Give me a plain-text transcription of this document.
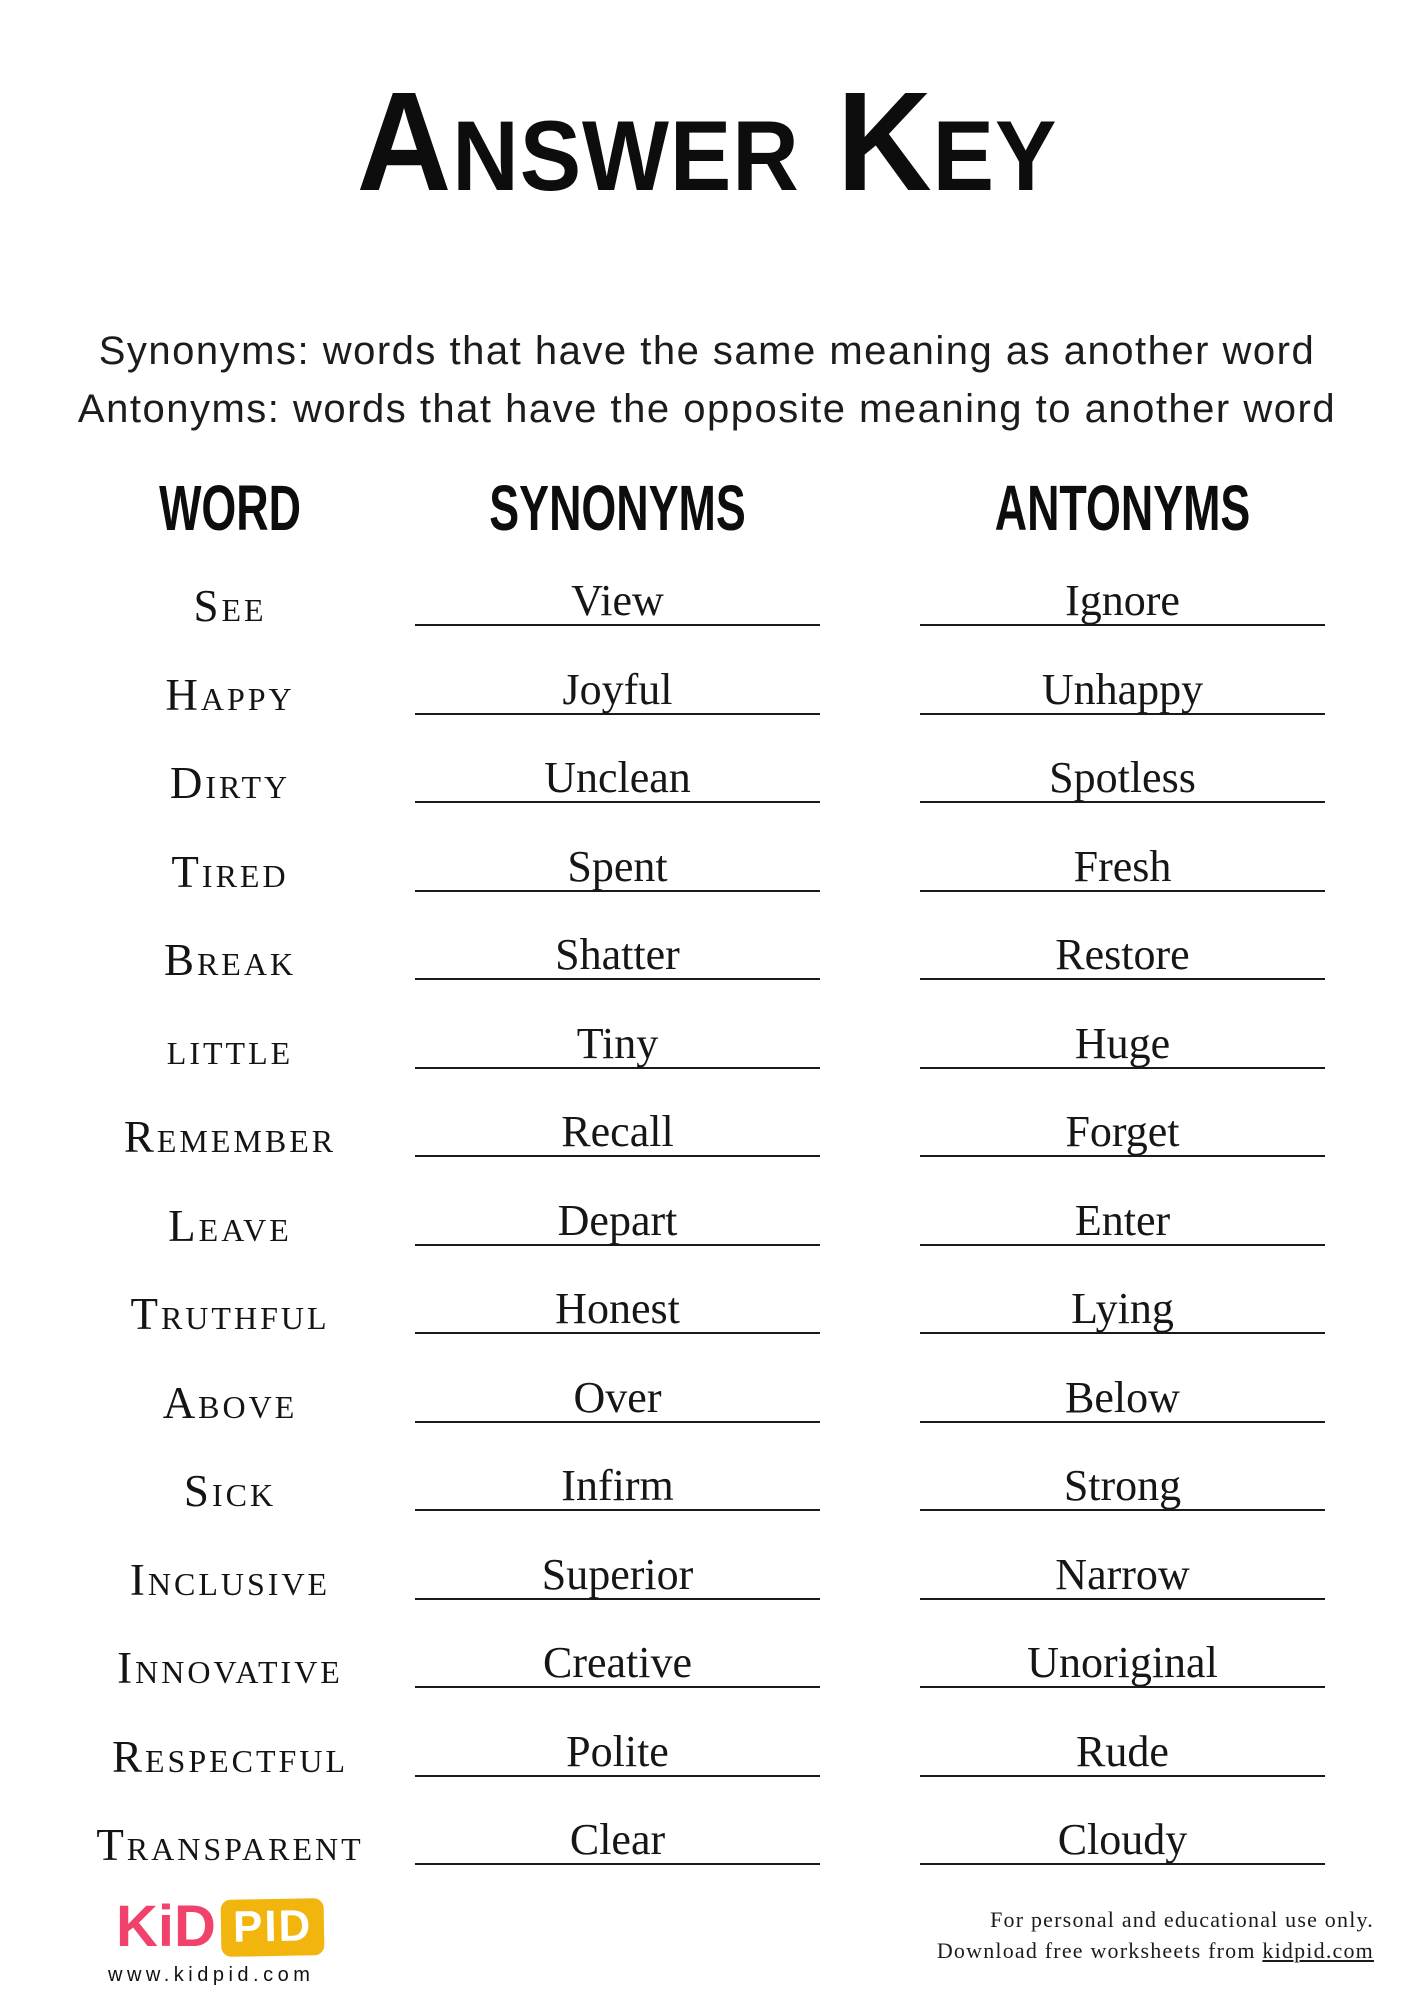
Answer Key
Synonyms: words that have the same meaning as another word
Antonyms: words that have the opposite meaning to another word
WORD	SYNONYMS	ANTONYMS
See	View	Ignore
Happy	Joyful	Unhappy
Dirty	Unclean	Spotless
Tired	Spent	Fresh
Break	Shatter	Restore
little	Tiny	Huge
Remember	Recall	Forget
Leave	Depart	Enter
Truthful	Honest	Lying
Above	Over	Below
Sick	Infirm	Strong
Inclusive	Superior	Narrow
Innovative	Creative	Unoriginal
Respectful	Polite	Rude
Transparent	Clear	Cloudy
KiD PID
www.kidpid.com
For personal and educational use only.
Download free worksheets from kidpid.com
